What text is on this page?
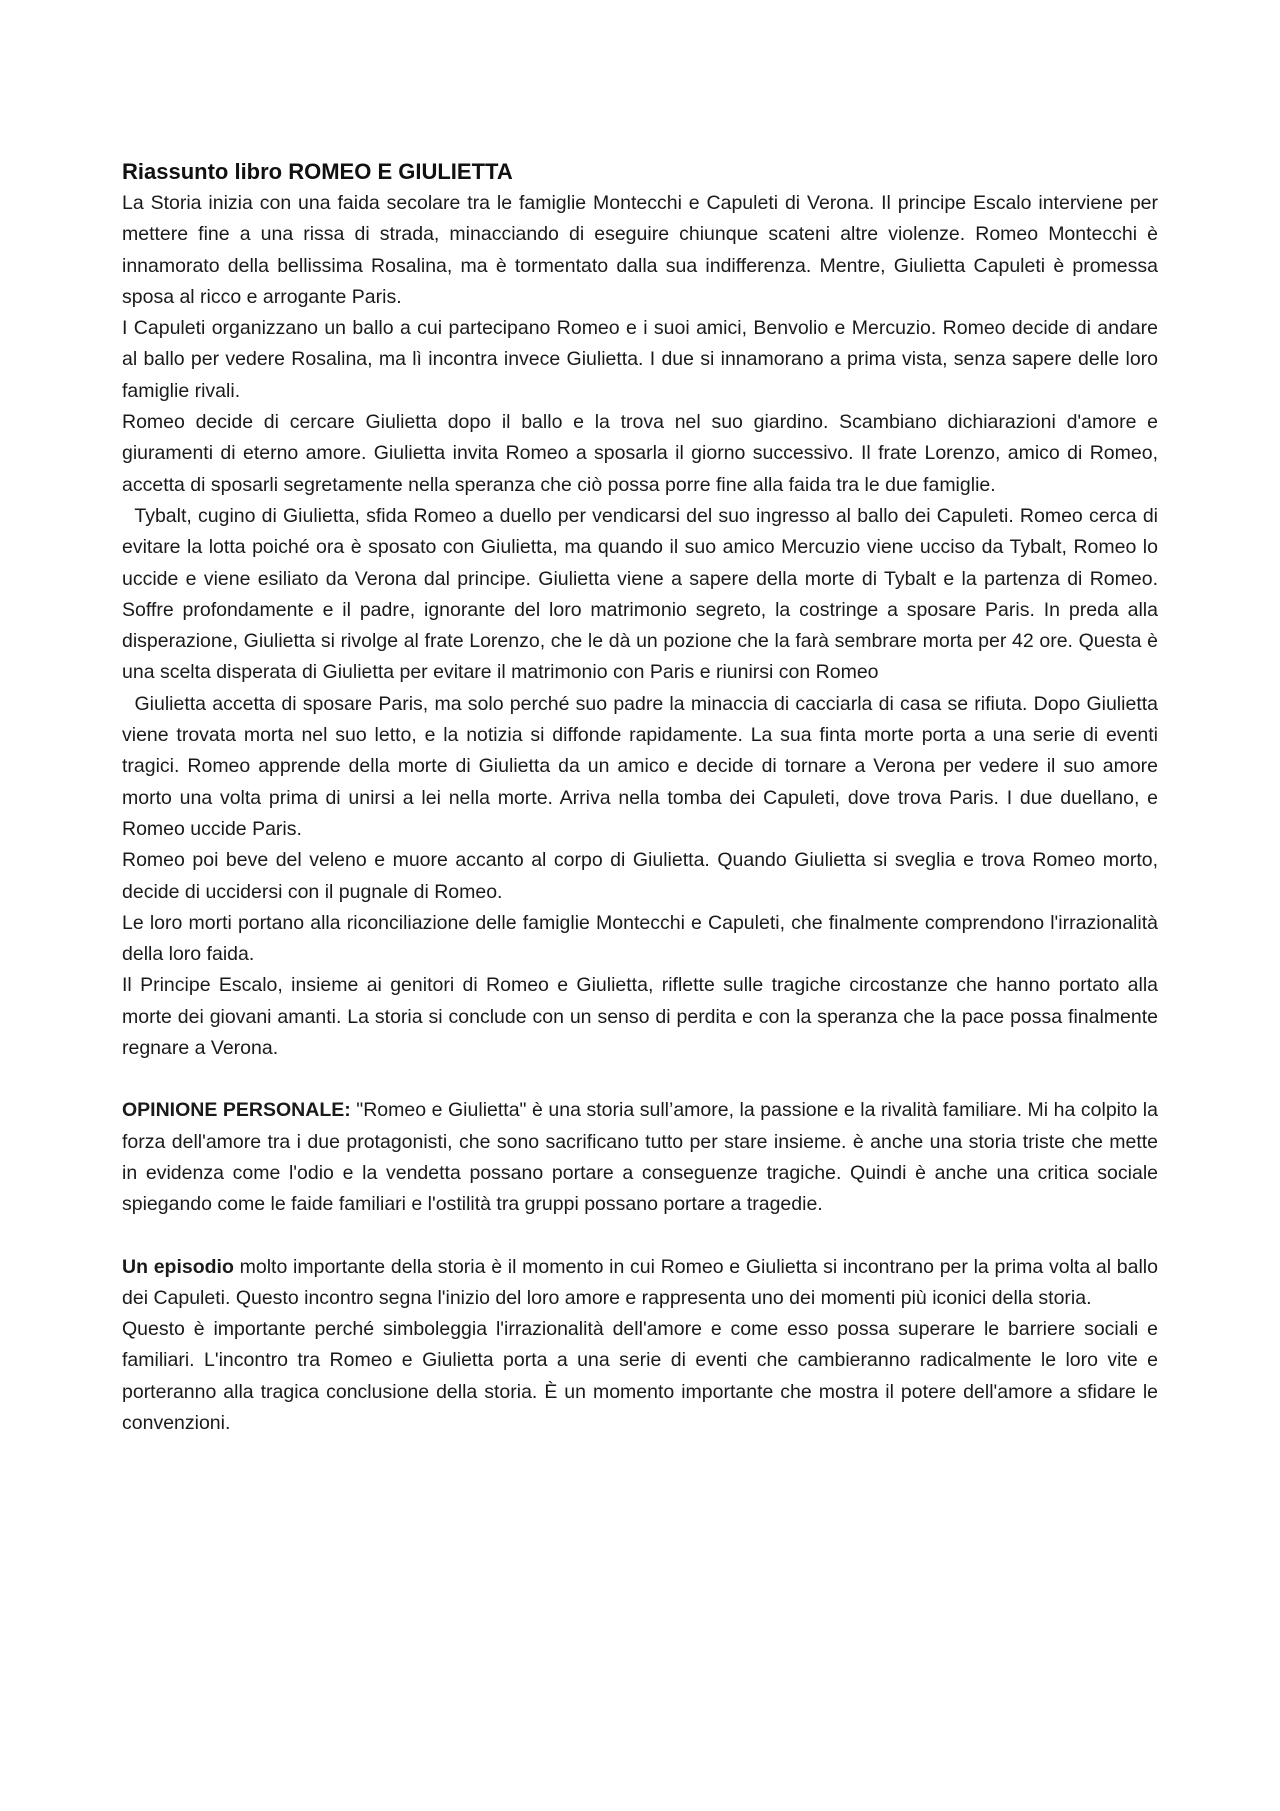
Riassunto libro ROMEO E GIULIETTA

La Storia inizia con una faida secolare tra le famiglie Montecchi e Capuleti di Verona. Il principe Escalo interviene per mettere fine a una rissa di strada, minacciando di eseguire chiunque scateni altre violenze. Romeo Montecchi è innamorato della bellissima Rosalina, ma è tormentato dalla sua indifferenza. Mentre, Giulietta Capuleti è promessa sposa al ricco e arrogante Paris.

I Capuleti organizzano un ballo a cui partecipano Romeo e i suoi amici, Benvolio e Mercuzio. Romeo decide di andare al ballo per vedere Rosalina, ma lì incontra invece Giulietta. I due si innamorano a prima vista, senza sapere delle loro famiglie rivali.

Romeo decide di cercare Giulietta dopo il ballo e la trova nel suo giardino. Scambiano dichiarazioni d'amore e giuramenti di eterno amore. Giulietta invita Romeo a sposarla il giorno successivo. Il frate Lorenzo, amico di Romeo, accetta di sposarli segretamente nella speranza che ciò possa porre fine alla faida tra le due famiglie.

Tybalt, cugino di Giulietta, sfida Romeo a duello per vendicarsi del suo ingresso al ballo dei Capuleti. Romeo cerca di evitare la lotta poiché ora è sposato con Giulietta, ma quando il suo amico Mercuzio viene ucciso da Tybalt, Romeo lo uccide e viene esiliato da Verona dal principe. Giulietta viene a sapere della morte di Tybalt e la partenza di Romeo. Soffre profondamente e il padre, ignorante del loro matrimonio segreto, la costringe a sposare Paris. In preda alla disperazione, Giulietta si rivolge al frate Lorenzo, che le dà un pozione che la farà sembrare morta per 42 ore. Questa è una scelta disperata di Giulietta per evitare il matrimonio con Paris e riunirsi con Romeo

Giulietta accetta di sposare Paris, ma solo perché suo padre la minaccia di cacciarla di casa se rifiuta. Dopo Giulietta viene trovata morta nel suo letto, e la notizia si diffonde rapidamente. La sua finta morte porta a una serie di eventi tragici. Romeo apprende della morte di Giulietta da un amico e decide di tornare a Verona per vedere il suo amore morto una volta prima di unirsi a lei nella morte. Arriva nella tomba dei Capuleti, dove trova Paris. I due duellano, e Romeo uccide Paris.

Romeo poi beve del veleno e muore accanto al corpo di Giulietta. Quando Giulietta si sveglia e trova Romeo morto, decide di uccidersi con il pugnale di Romeo.

Le loro morti portano alla riconciliazione delle famiglie Montecchi e Capuleti, che finalmente comprendono l'irrazionalità della loro faida.

Il Principe Escalo, insieme ai genitori di Romeo e Giulietta, riflette sulle tragiche circostanze che hanno portato alla morte dei giovani amanti. La storia si conclude con un senso di perdita e con la speranza che la pace possa finalmente regnare a Verona.

OPINIONE PERSONALE: "Romeo e Giulietta" è una storia sull’amore, la passione e la rivalità familiare. Mi ha colpito la forza dell'amore tra i due protagonisti, che sono sacrificano tutto per stare insieme. è anche una storia triste che mette in evidenza come l'odio e la vendetta possano portare a conseguenze tragiche. Quindi è anche una critica sociale spiegando come le faide familiari e l'ostilità tra gruppi possano portare a tragedie.

Un episodio molto importante della storia è il momento in cui Romeo e Giulietta si incontrano per la prima volta al ballo dei Capuleti. Questo incontro segna l'inizio del loro amore e rappresenta uno dei momenti più iconici della storia.

Questo è importante perché simboleggia l'irrazionalità dell'amore e come esso possa superare le barriere sociali e familiari. L'incontro tra Romeo e Giulietta porta a una serie di eventi che cambieranno radicalmente le loro vite e porteranno alla tragica conclusione della storia. È un momento importante che mostra il potere dell'amore a sfidare le convenzioni.
